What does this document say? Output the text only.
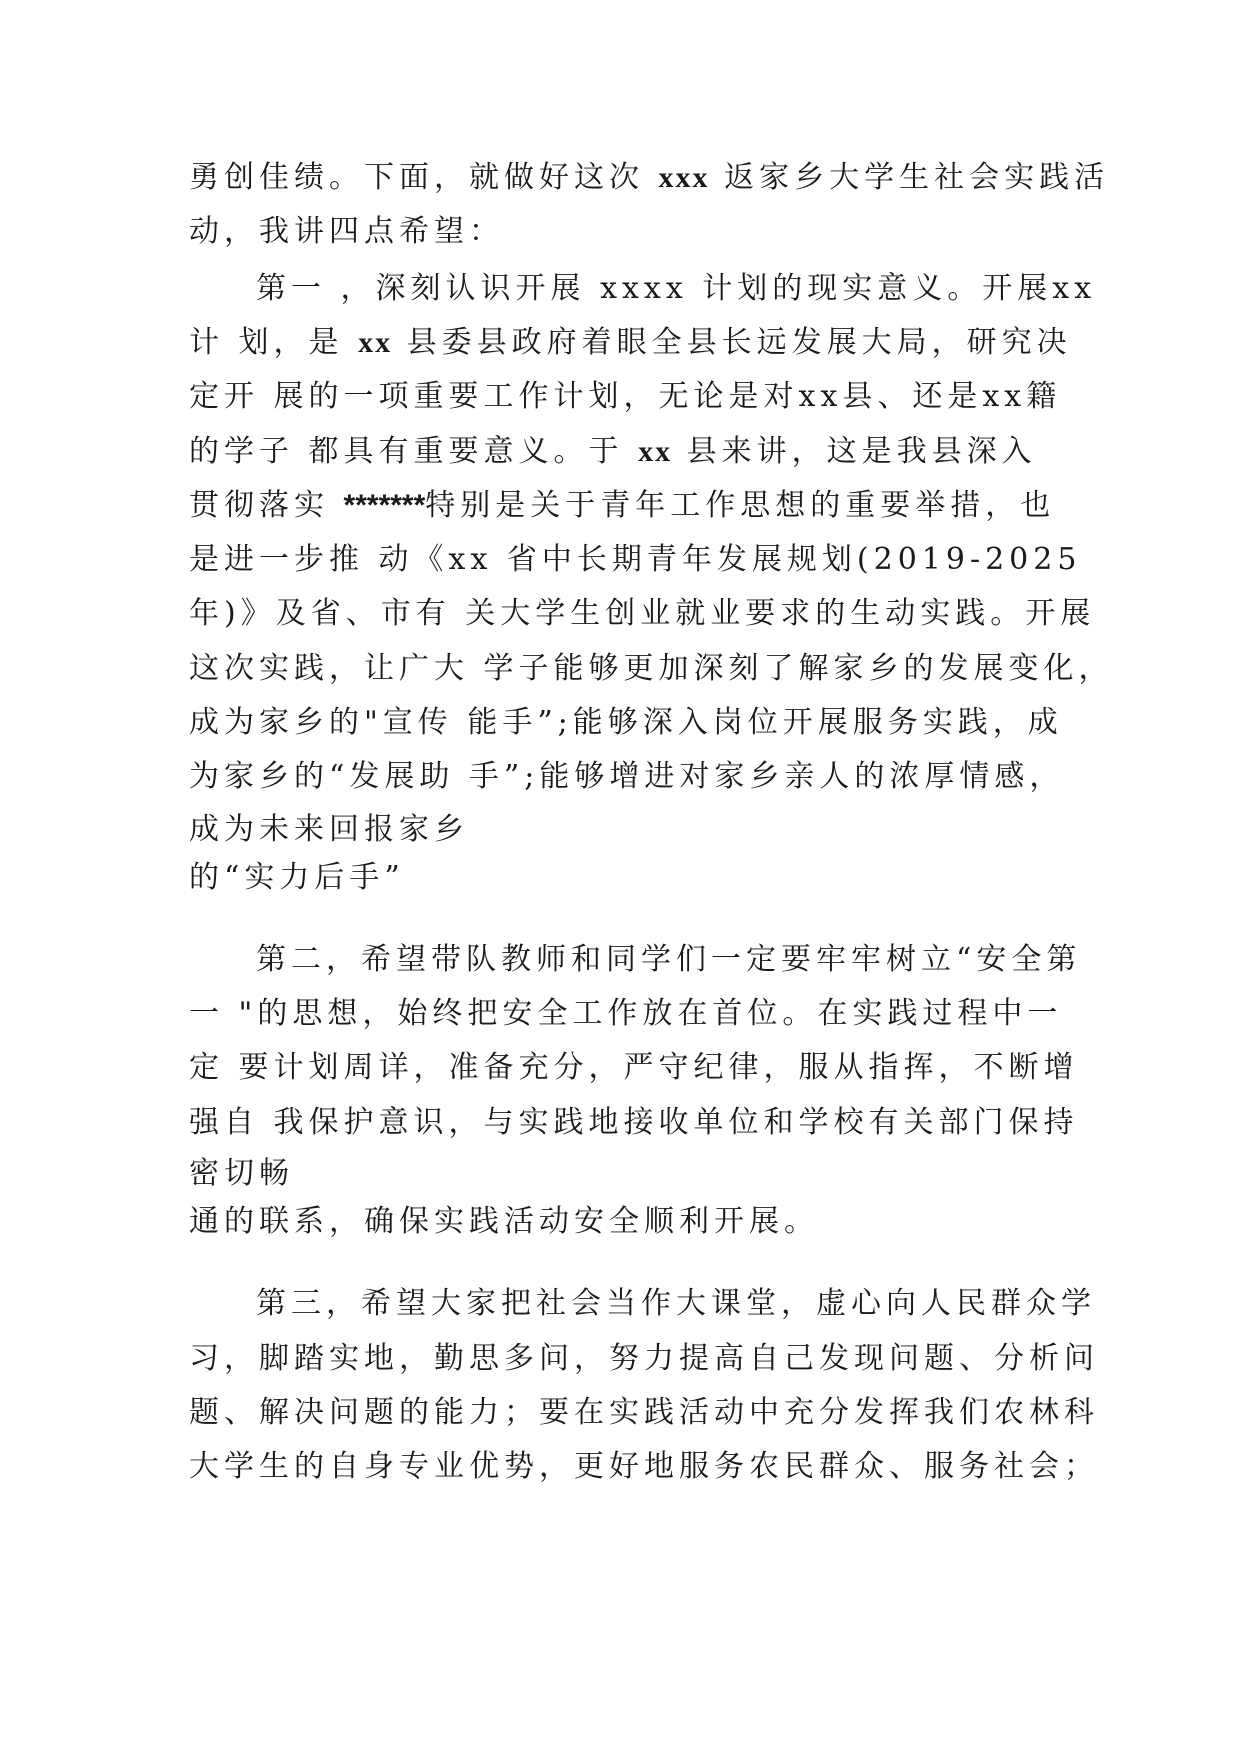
勇创佳绩。下面，就做好这次 xxx 返家乡大学生社会实践活
动，我讲四点希望：
第一 ，深刻认识开展 xxxx 计划的现实意义。开展xx
计 划，是 xx 县委县政府着眼全县长远发展大局，研究决
定开 展的一项重要工作计划，无论是对xx县、还是xx籍
的学子 都具有重要意义。于 xx 县来讲，这是我县深入
贯彻落实 *******特别是关于青年工作思想的重要举措，也
是进一步推 动《xx 省中长期青年发展规划(2019-2025
年)》及省、市有 关大学生创业就业要求的生动实践。开展
这次实践，让广大 学子能够更加深刻了解家乡的发展变化，
成为家乡的"宣传 能手”;能够深入岗位开展服务实践，成
为家乡的“发展助 手”;能够增进对家乡亲人的浓厚情感，
成为未来回报家乡
的“实力后手”
第二，希望带队教师和同学们一定要牢牢树立“安全第
一 "的思想，始终把安全工作放在首位。在实践过程中一
定 要计划周详，准备充分，严守纪律，服从指挥，不断增
强自 我保护意识，与实践地接收单位和学校有关部门保持
密切畅
通的联系，确保实践活动安全顺利开展。
第三，希望大家把社会当作大课堂，虚心向人民群众学
习，脚踏实地，勤思多问，努力提高自己发现问题、分析问
题、解决问题的能力；要在实践活动中充分发挥我们农林科
大学生的自身专业优势，更好地服务农民群众、服务社会；
